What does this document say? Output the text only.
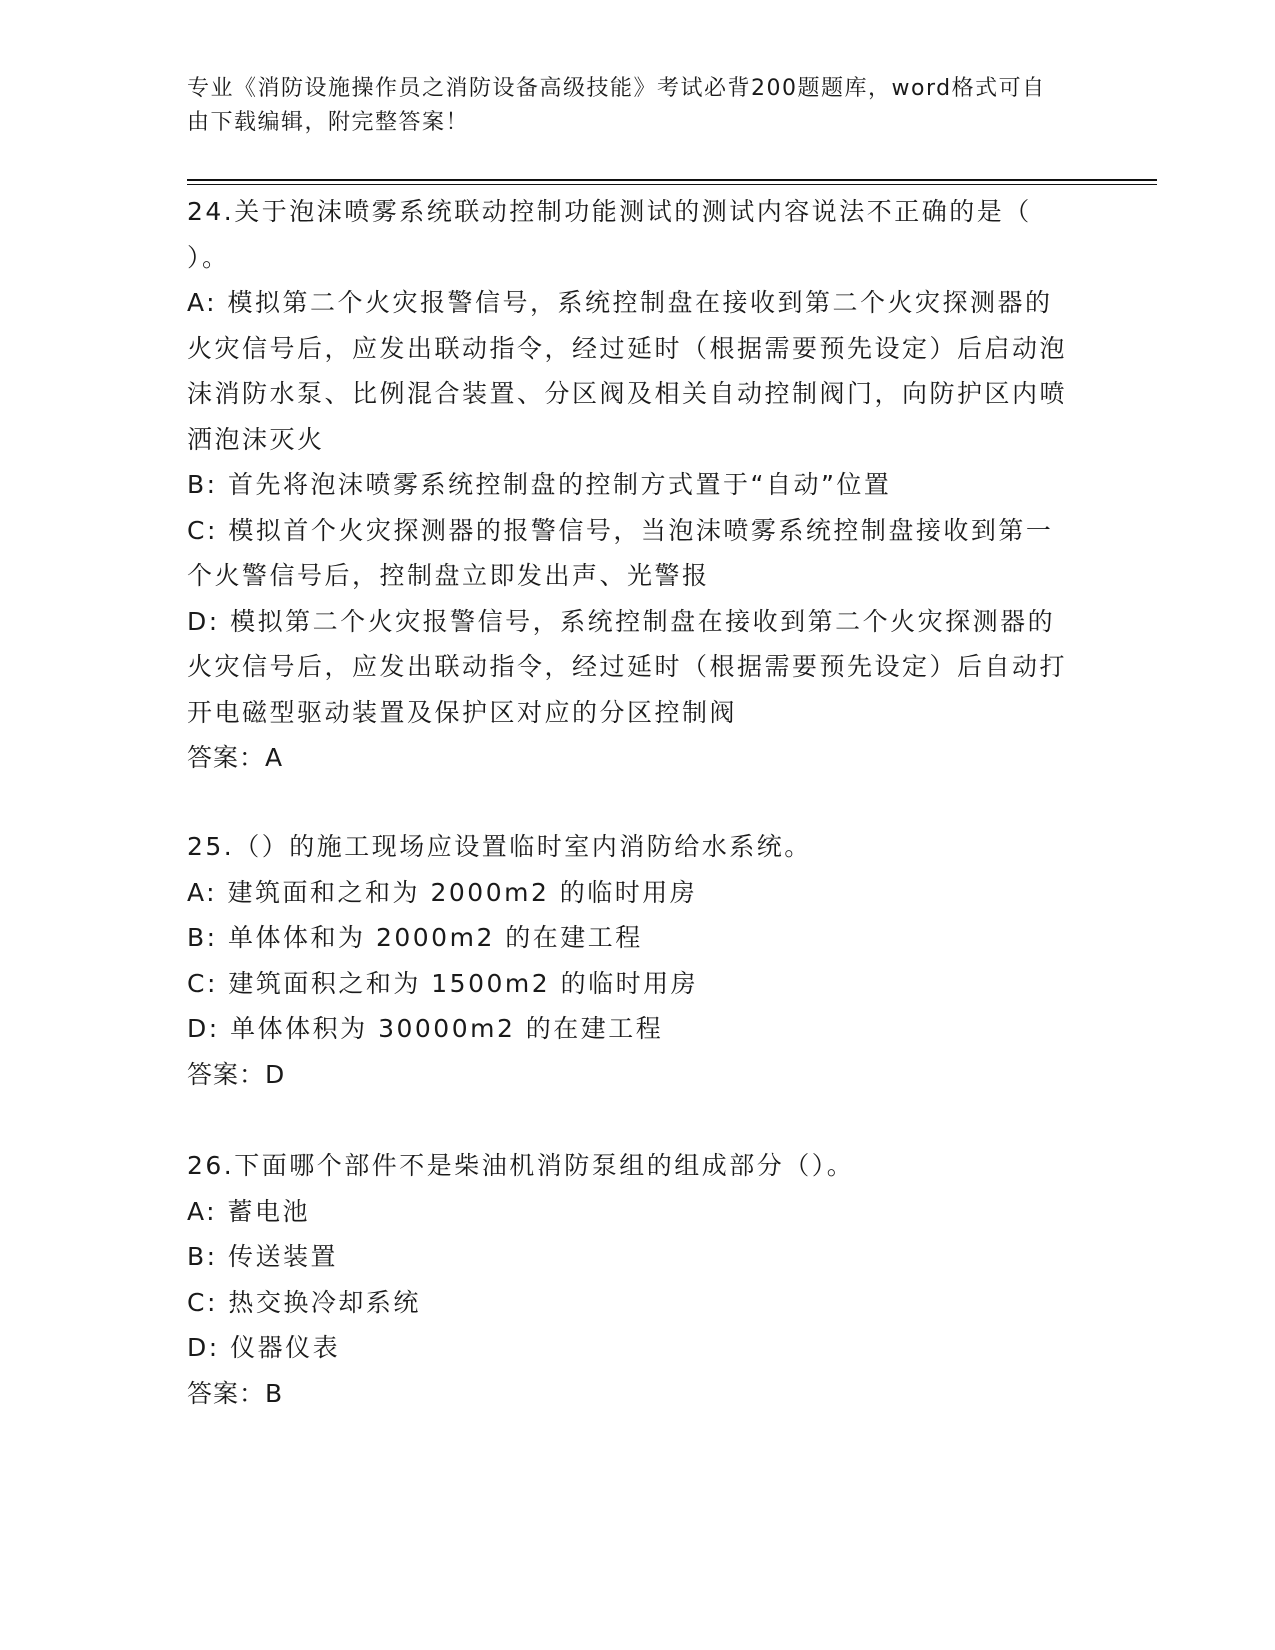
专业《消防设施操作员之消防设备高级技能》考试必背200题题库，word格式可自由下载编辑，附完整答案！

24.关于泡沫喷雾系统联动控制功能测试的测试内容说法不正确的是（ ）。

A: 模拟第二个火灾报警信号，系统控制盘在接收到第二个火灾探测器的火灾信号后，应发出联动指令，经过延时（根据需要预先设定）后启动泡沫消防水泵、比例混合装置、分区阀及相关自动控制阀门，向防护区内喷洒泡沫灭火

B: 首先将泡沫喷雾系统控制盘的控制方式置于“自动”位置

C: 模拟首个火灾探测器的报警信号，当泡沫喷雾系统控制盘接收到第一个火警信号后，控制盘立即发出声、光警报

D: 模拟第二个火灾报警信号，系统控制盘在接收到第二个火灾探测器的火灾信号后，应发出联动指令，经过延时（根据需要预先设定）后自动打开电磁型驱动装置及保护区对应的分区控制阀

答案：A

25.（）的施工现场应设置临时室内消防给水系统。

A: 建筑面和之和为 2000m2 的临时用房

B: 单体体和为 2000m2 的在建工程

C: 建筑面积之和为 1500m2 的临时用房

D: 单体体积为 30000m2 的在建工程

答案：D

26.下面哪个部件不是柴油机消防泵组的组成部分（）。

A: 蓄电池

B: 传送装置

C: 热交换冷却系统

D: 仪器仪表

答案：B
